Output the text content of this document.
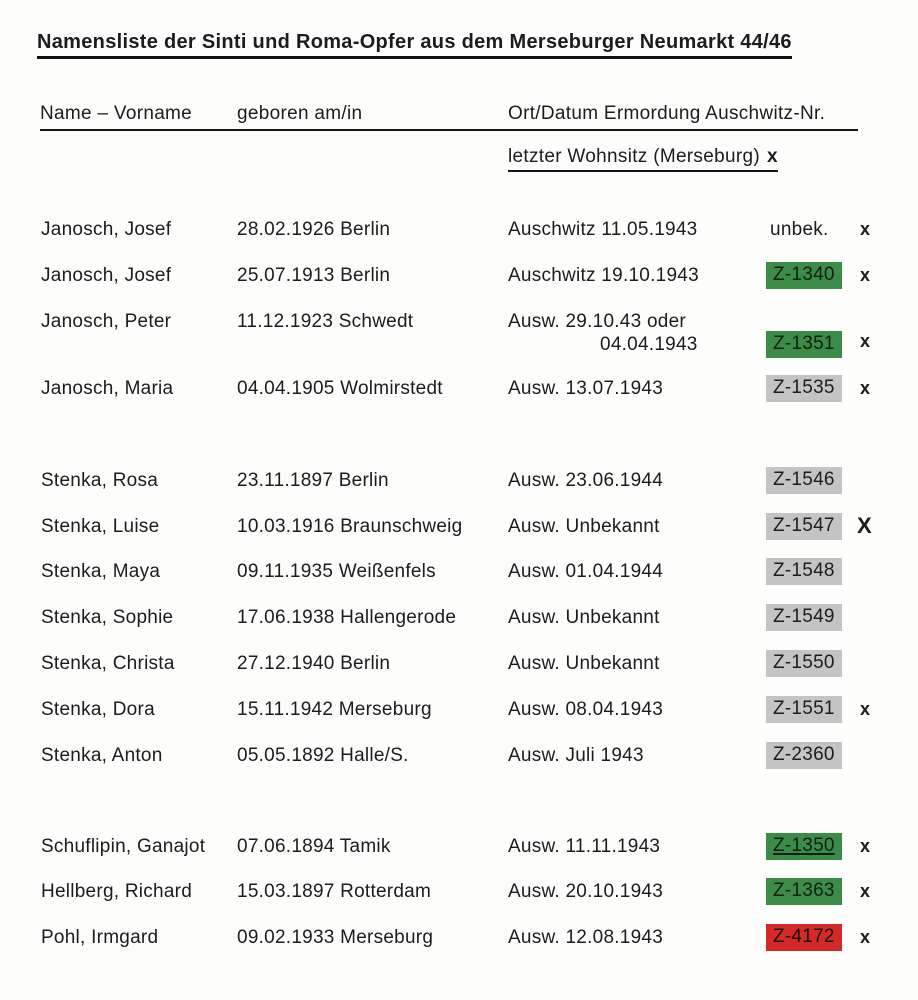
Namensliste der Sinti und Roma-Opfer aus dem Merseburger Neumarkt 44/46
Name – Vorname geboren am/in	Ort/Datum Ermordung Auschwitz-Nr.
letzter Wohnsitz (Merseburg) x
Janosch, Josef	28.02.1926 Berlin	Auschwitz 11.05.1943	unbek. x
Janosch, Josef	25.07.1913 Berlin	Auschwitz 19.10.1943	Z-1340	x
Janosch, Peter	11.12.1923 Schwedt	Ausw. 29.10.43 oder
04.04.1943	Z-1351	x
Janosch, Maria	04.04.1905 Wolmirstedt	Ausw. 13.07.1943	Z-1535	x
Stenka, Rosa	23.11.1897 Berlin	Ausw. 23.06.1944	Z-1546
Stenka, Luise	10.03.1916 Braunschweig Ausw. Unbekannt	Z-1547	X
Stenka, Maya	09.11.1935 Weißenfels	Ausw. 01.04.1944	Z-1548
Stenka, Sophie	17.06.1938 Hallengerode	Ausw. Unbekannt	Z-1549
Stenka, Christa	27.12.1940 Berlin	Ausw. Unbekannt	Z-1550
Stenka, Dora	15.11.1942 Merseburg	Ausw. 08.04.1943	Z-1551	x
Stenka, Anton	05.05.1892 Halle/S.	Ausw. Juli 1943	Z-2360
Schuflipin, Ganajot 07.06.1894 Tamik	Ausw. 11.11.1943	Z-1350	x
Hellberg, Richard 15.03.1897 Rotterdam	Ausw. 20.10.1943	Z-1363	x
Pohl, Irmgard	09.02.1933 Merseburg	Ausw. 12.08.1943	Z-4172	x
